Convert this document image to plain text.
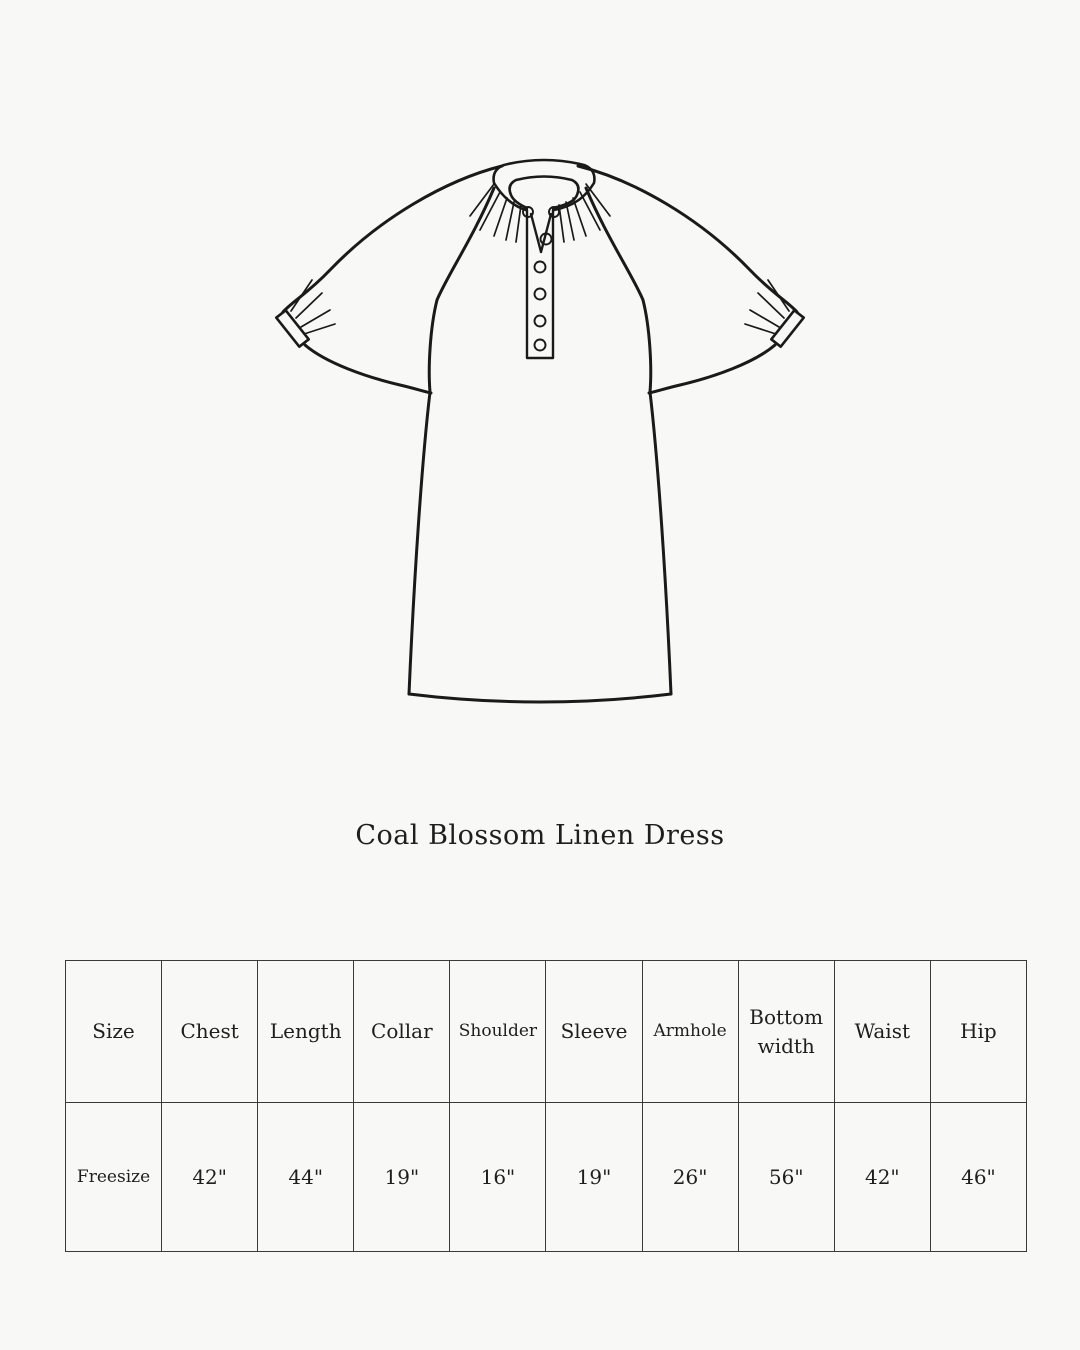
Coal Blossom Linen Dress
Size	Chest	Length	Collar	Shoulder	Sleeve	Armhole	Bottom width	Waist	Hip
Freesize	42"	44"	19"	16"	19"	26"	56"	42"	46"
